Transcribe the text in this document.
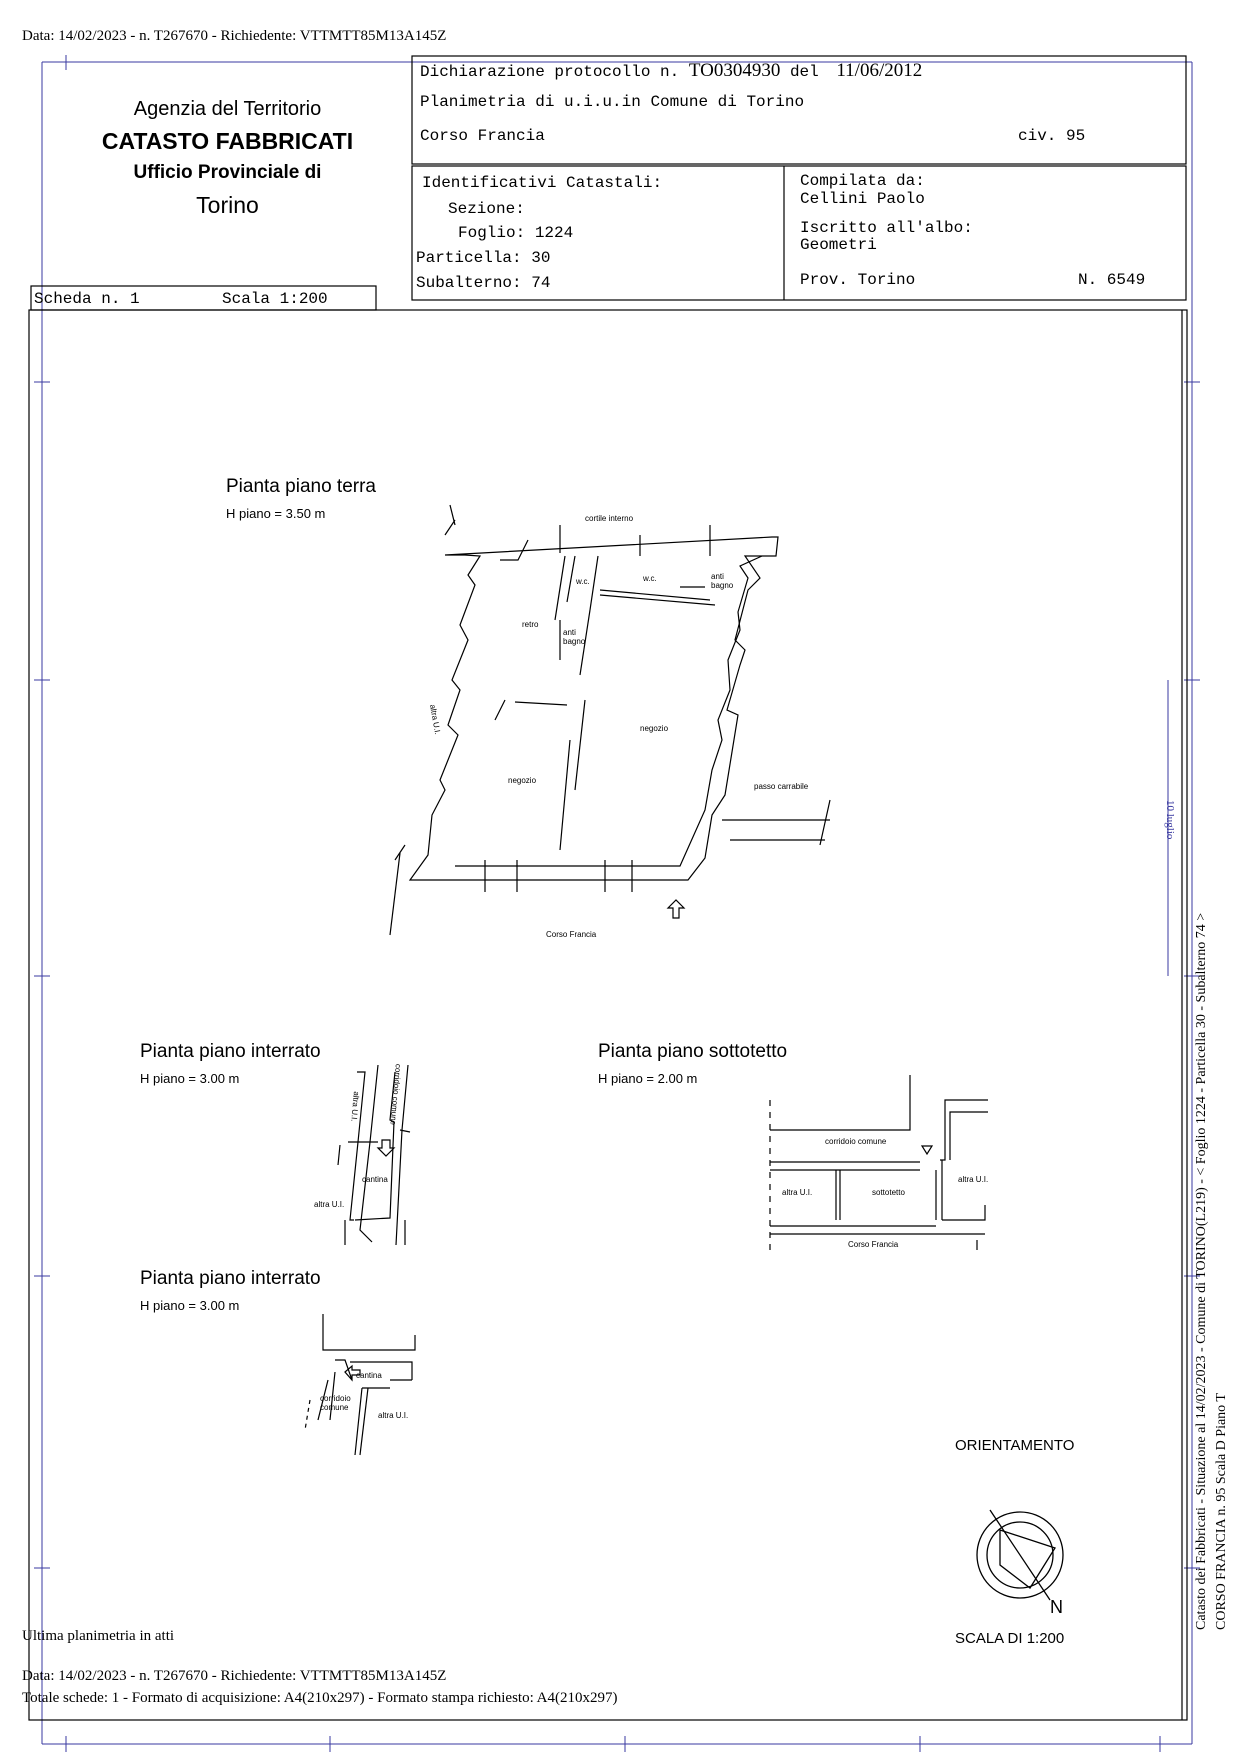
Data: 14/02/2023 - n. T267670 - Richiedente: VTTMTT85M13A145Z
Agenzia del Territorio
CATASTO FABBRICATI
Ufficio Provinciale di
Torino
Dichiarazione protocollo n. TO0304930 del 11/06/2012
Planimetria di u.i.u.in Comune di Torino
Corso Francia	civ. 95
Identificativi Catastali:
Sezione:
Foglio: 1224
Particella: 30
Subalterno: 74
Compilata da:
Cellini Paolo
Iscritto all'albo:
Geometri
Prov. Torino	N. 6549
Scheda n. 1	Scala 1:200
Pianta piano terra
H piano = 3.50 m	cortile interno
w.c.	w.c.	anti bagno
anti bagno
retro
altra U.I.	negozio
negozio
passo carrabile
Corso Francia
Pianta piano interrato
H piano = 3.00 m
altra U.I.	corridoio comune
cantina
altra U.I.
Pianta piano sottotetto
H piano = 2.00 m
corridoio comune
altra U.I.	sottotetto
altra U.I.
Corso Francia
Pianta piano interrato
H piano = 3.00 m
cantina
corridoio comune
altra U.I.
ORIENTAMENTO
N
SCALA DI 1:200
Catasto dei Fabbricati - Situazione al 14/02/2023 - Comune di TORINO(L219) - < Foglio 1224 - Particella 30 - Subalterno 74 > CORSO FRANCIA n. 95 Scala D Piano T
10 luglio
Ultima planimetria in atti
Data: 14/02/2023 - n. T267670 - Richiedente: VTTMTT85M13A145Z
Totale schede: 1 - Formato di acquisizione: A4(210x297) - Formato stampa richiesto: A4(210x297)
